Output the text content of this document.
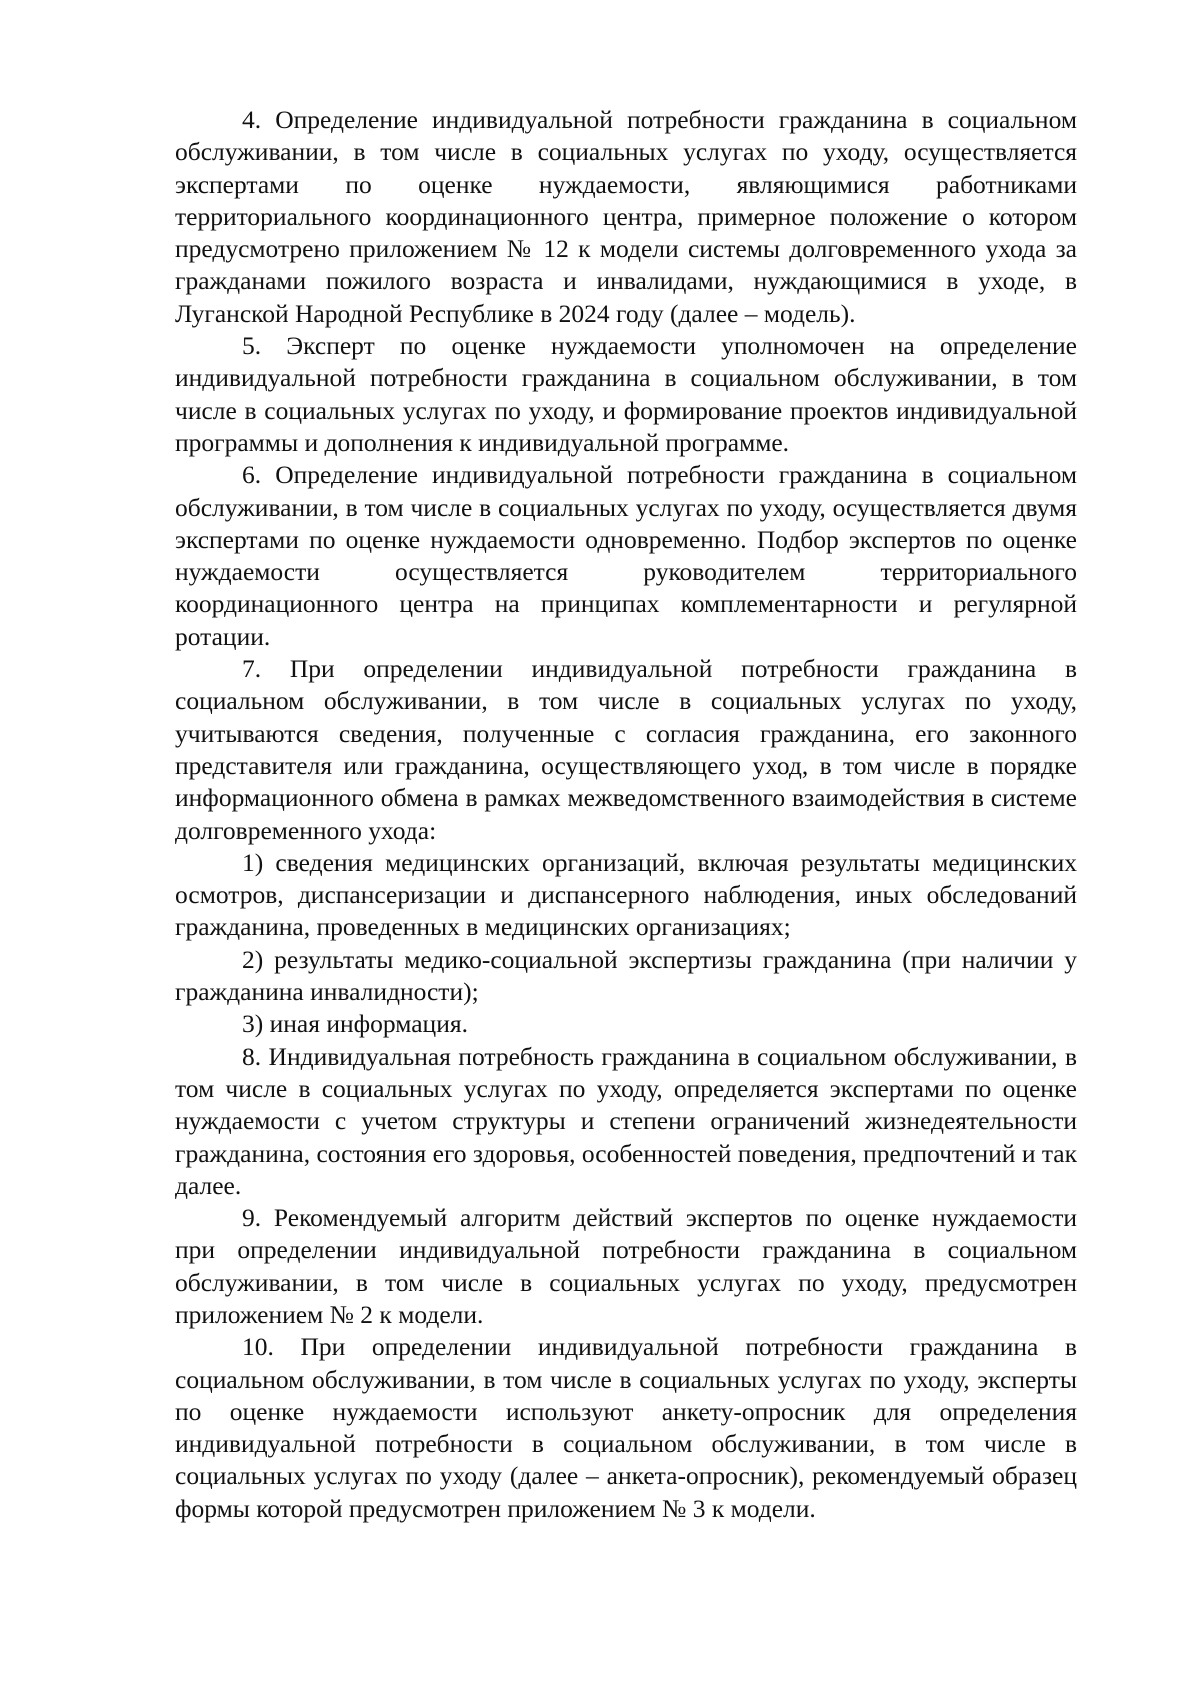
4. Определение индивидуальной потребности гражданина в социальном обслуживании, в том числе в социальных услугах по уходу, осуществляется экспертами по оценке нуждаемости, являющимися работниками территориального координационного центра, примерное положение о котором предусмотрено приложением № 12 к модели системы долговременного ухода за гражданами пожилого возраста и инвалидами, нуждающимися в уходе, в Луганской Народной Республике в 2024 году (далее – модель).

5. Эксперт по оценке нуждаемости уполномочен на определение индивидуальной потребности гражданина в социальном обслуживании, в том числе в социальных услугах по уходу, и формирование проектов индивидуальной программы и дополнения к индивидуальной программе.

6. Определение индивидуальной потребности гражданина в социальном обслуживании, в том числе в социальных услугах по уходу, осуществляется двумя экспертами по оценке нуждаемости одновременно. Подбор экспертов по оценке нуждаемости осуществляется руководителем территориального координационного центра на принципах комплементарности и регулярной ротации.

7. При определении индивидуальной потребности гражданина в социальном обслуживании, в том числе в социальных услугах по уходу, учитываются сведения, полученные с согласия гражданина, его законного представителя или гражданина, осуществляющего уход, в том числе в порядке информационного обмена в рамках межведомственного взаимодействия в системе долговременного ухода:

1) сведения медицинских организаций, включая результаты медицинских осмотров, диспансеризации и диспансерного наблюдения, иных обследований гражданина, проведенных в медицинских организациях;

2) результаты медико-социальной экспертизы гражданина (при наличии у гражданина инвалидности);

3) иная информация.

8. Индивидуальная потребность гражданина в социальном обслуживании, в том числе в социальных услугах по уходу, определяется экспертами по оценке нуждаемости с учетом структуры и степени ограничений жизнедеятельности гражданина, состояния его здоровья, особенностей поведения, предпочтений и так далее.

9. Рекомендуемый алгоритм действий экспертов по оценке нуждаемости при определении индивидуальной потребности гражданина в социальном обслуживании, в том числе в социальных услугах по уходу, предусмотрен приложением № 2 к модели.

10. При определении индивидуальной потребности гражданина в социальном обслуживании, в том числе в социальных услугах по уходу, эксперты по оценке нуждаемости используют анкету-опросник для определения индивидуальной потребности в социальном обслуживании, в том числе в социальных услугах по уходу (далее – анкета-опросник), рекомендуемый образец формы которой предусмотрен приложением № 3 к модели.
